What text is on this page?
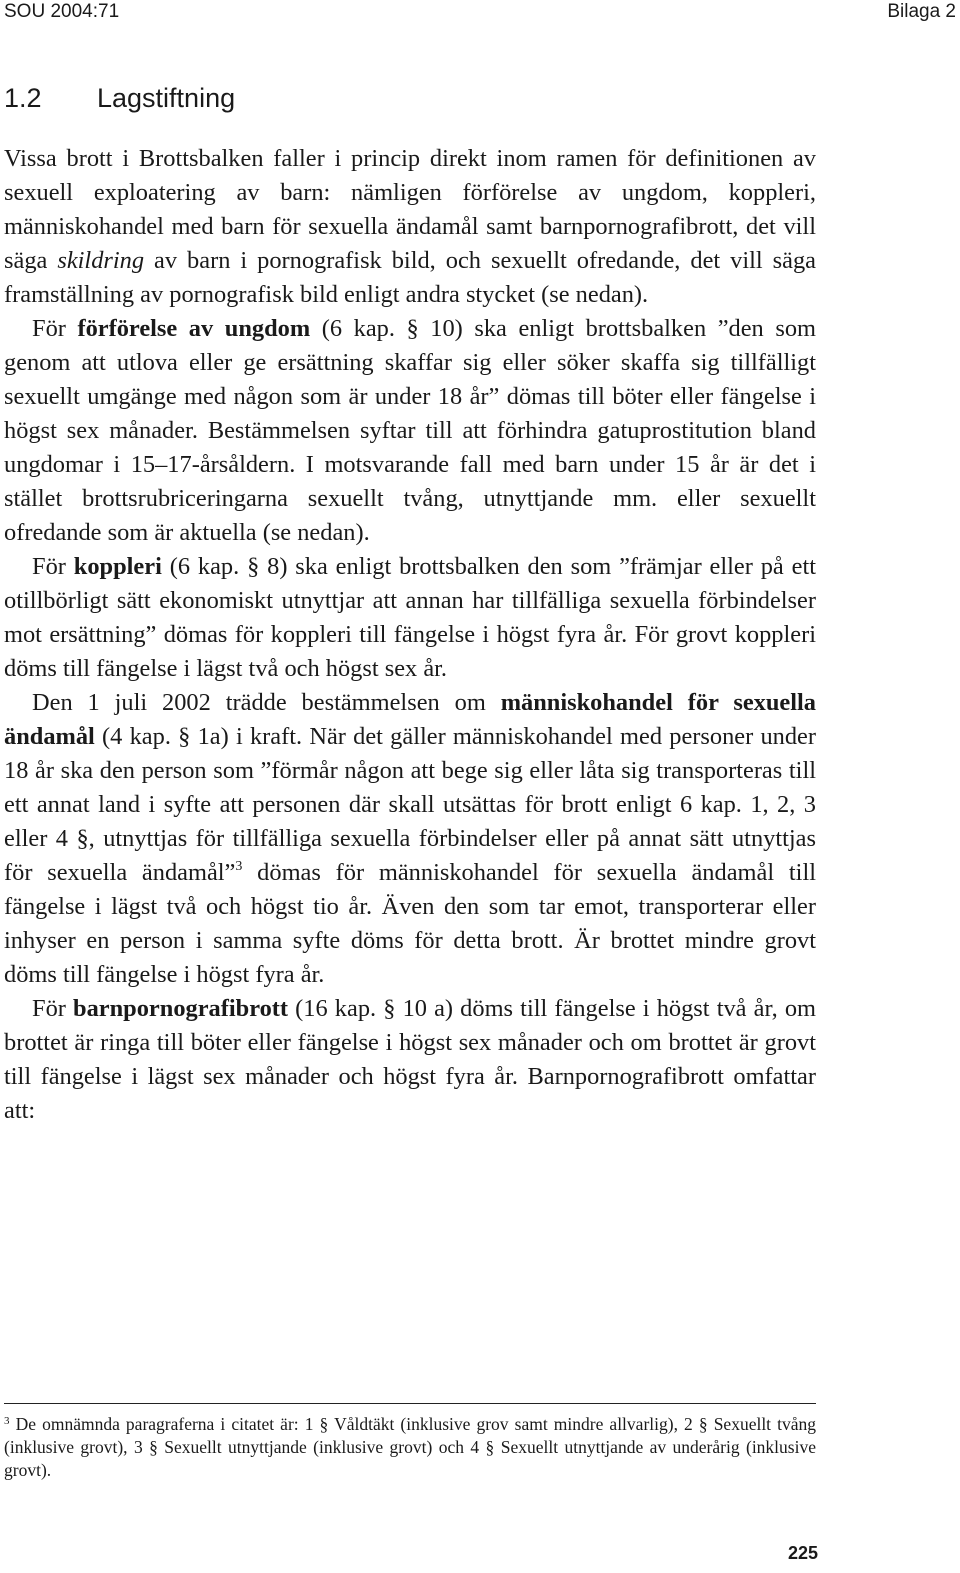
SOU 2004:71	Bilaga 2
1.2 Lagstiftning

Vissa brott i Brottsbalken faller i princip direkt inom ramen för definitionen av sexuell exploatering av barn: nämligen förförelse av ungdom, koppleri, människohandel med barn för sexuella ändamål samt barnpornografibrott, det vill säga skildring av barn i pornografisk bild, och sexuellt ofredande, det vill säga framställning av pornografisk bild enligt andra stycket (se nedan).

För förförelse av ungdom (6 kap. § 10) ska enligt brottsbalken ”den som genom att utlova eller ge ersättning skaffar sig eller söker skaffa sig tillfälligt sexuellt umgänge med någon som är under 18 år” dömas till böter eller fängelse i högst sex månader. Bestämmelsen syftar till att förhindra gatuprostitution bland ungdomar i 15–17-årsåldern. I motsvarande fall med barn under 15 år är det i stället brottsrubriceringarna sexuellt tvång, utnyttjande mm. eller sexuellt ofredande som är aktuella (se nedan).

För koppleri (6 kap. § 8) ska enligt brottsbalken den som ”främjar eller på ett otillbörligt sätt ekonomiskt utnyttjar att annan har tillfälliga sexuella förbindelser mot ersättning” dömas för koppleri till fängelse i högst fyra år. För grovt koppleri döms till fängelse i lägst två och högst sex år.

Den 1 juli 2002 trädde bestämmelsen om människohandel för sexuella ändamål (4 kap. § 1a) i kraft. När det gäller människohandel med personer under 18 år ska den person som ”förmår någon att bege sig eller låta sig transporteras till ett annat land i syfte att personen där skall utsättas för brott enligt 6 kap. 1, 2, 3 eller 4 §, utnyttjas för tillfälliga sexuella förbindelser eller på annat sätt utnyttjas för sexuella ändamål”$^3$ dömas för människohandel för sexuella ändamål till fängelse i lägst två och högst tio år. Även den som tar emot, transporterar eller inhyser en person i samma syfte döms för detta brott. Är brottet mindre grovt döms till fängelse i högst fyra år.

För barnpornografibrott (16 kap. § 10 a) döms till fängelse i högst två år, om brottet är ringa till böter eller fängelse i högst sex månader och om brottet är grovt till fängelse i lägst sex månader och högst fyra år. Barnpornografibrott omfattar att:

$^3$ De omnämnda paragraferna i citatet är: 1 § Våldtäkt (inklusive grov samt mindre allvarlig), 2 § Sexuellt tvång (inklusive grovt), 3 § Sexuellt utnyttjande (inklusive grovt) och 4 § Sexuellt utnyttjande av underårig (inklusive grovt).
225
